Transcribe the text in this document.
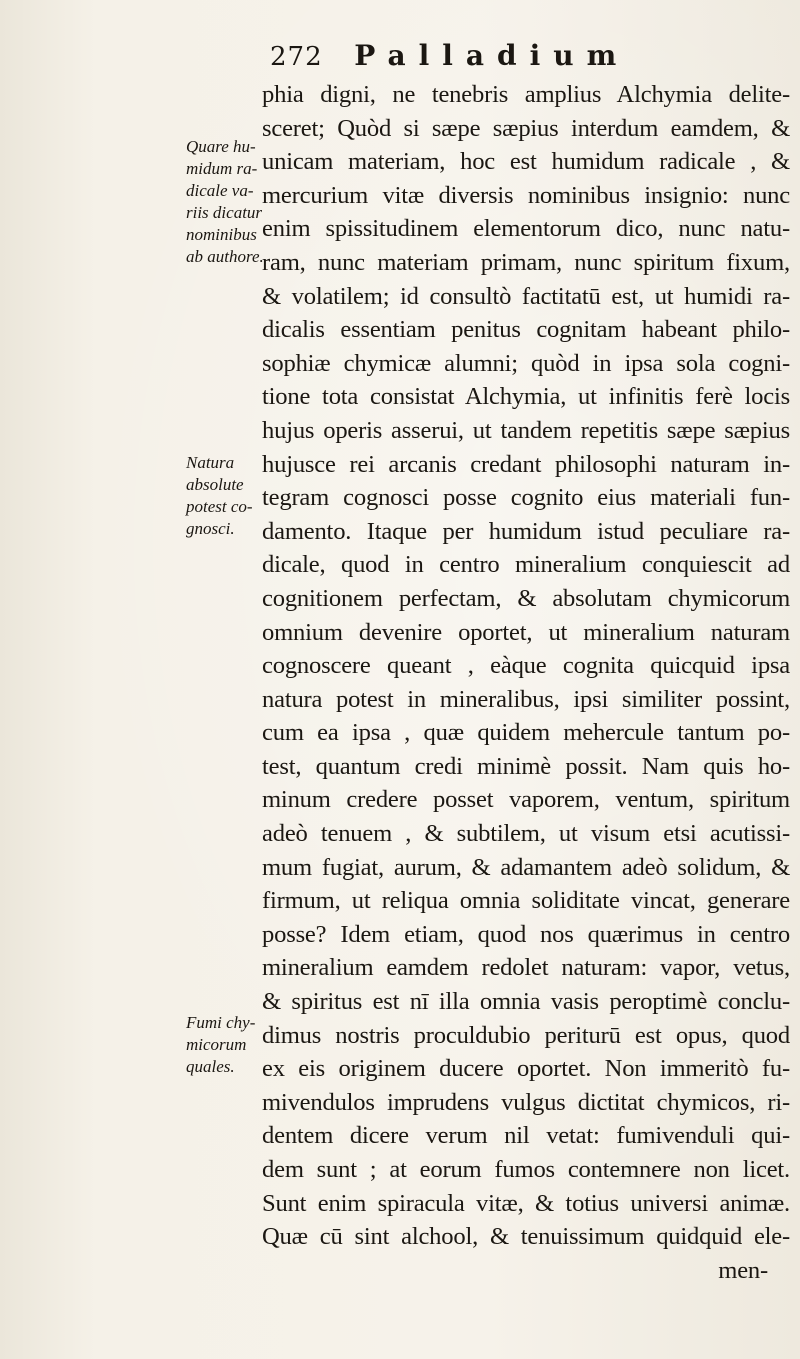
272 Palladium
Quare hu-
midum ra-
dicale va-
riis dicatur
nominibus
ab authore.
Natura
absolute
potest co-
gnosci.
Fumi chy-
micorum
quales.
phia digni, ne tenebris amplius Alchymia delite-
sceret; Quòd si sæpe sæpius interdum eamdem, &
unicam materiam, hoc est humidum radicale , &
mercurium vitæ diversis nominibus insignio: nunc
enim spissitudinem elementorum dico, nunc natu-
ram, nunc materiam primam, nunc spiritum fixum,
& volatilem; id consultò factitatū est, ut humidi ra-
dicalis essentiam penitus cognitam habeant philo-
sophiæ chymicæ alumni; quòd in ipsa sola cogni-
tione tota consistat Alchymia, ut infinitis ferè locis
hujus operis asserui, ut tandem repetitis sæpe sæpius
hujusce rei arcanis credant philosophi naturam in-
tegram cognosci posse cognito eius materiali fun-
damento. Itaque per humidum istud peculiare ra-
dicale, quod in centro mineralium conquiescit ad
cognitionem perfectam, & absolutam chymicorum
omnium devenire oportet, ut mineralium naturam
cognoscere queant , eàque cognita quicquid ipsa
natura potest in mineralibus, ipsi similiter possint,
cum ea ipsa , quæ quidem mehercule tantum po-
test, quantum credi minimè possit. Nam quis ho-
minum credere posset vaporem, ventum, spiritum
adeò tenuem , & subtilem, ut visum etsi acutissi-
mum fugiat, aurum, & adamantem adeò solidum, &
firmum, ut reliqua omnia soliditate vincat, generare
posse? Idem etiam, quod nos quærimus in centro
mineralium eamdem redolet naturam: vapor, vetus,
& spiritus est nī illa omnia vasis peroptimè conclu-
dimus nostris proculdubio periturū est opus, quod
ex eis originem ducere oportet. Non immeritò fu-
mivendulos imprudens vulgus dictitat chymicos, ri-
dentem dicere verum nil vetat: fumivenduli qui-
dem sunt ; at eorum fumos contemnere non licet.
Sunt enim spiracula vitæ, & totius universi animæ.
Quæ cū sint alchool, & tenuissimum quidquid ele-
men-
